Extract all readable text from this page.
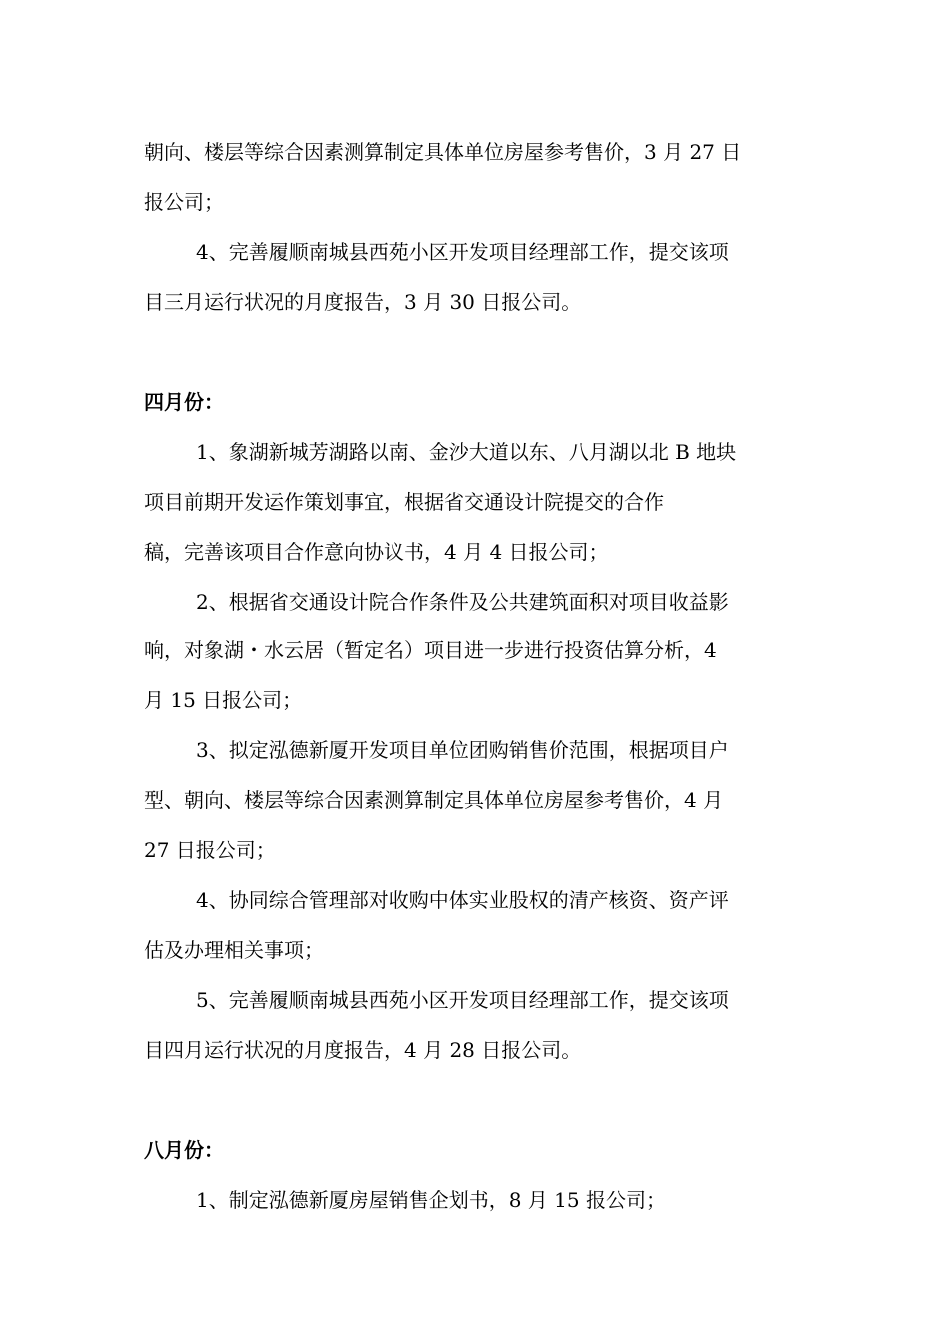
朝向、楼层等综合因素测算制定具体单位房屋参考售价，3 月 27 日
报公司；
4、完善履顺南城县西苑小区开发项目经理部工作，提交该项
目三月运行状况的月度报告，3 月 30 日报公司。
四月份：
1、象湖新城芳湖路以南、金沙大道以东、八月湖以北 B 地块
项目前期开发运作策划事宜，根据省交通设计院提交的合作
稿，完善该项目合作意向协议书，4 月 4 日报公司；
2、根据省交通设计院合作条件及公共建筑面积对项目收益影
响，对象湖・水云居（暂定名）项目进一步进行投资估算分析，4
月 15 日报公司；
3、拟定泓德新厦开发项目单位团购销售价范围，根据项目户
型、朝向、楼层等综合因素测算制定具体单位房屋参考售价，4 月
27 日报公司；
4、协同综合管理部对收购中体实业股权的清产核资、资产评
估及办理相关事项；
5、完善履顺南城县西苑小区开发项目经理部工作，提交该项
目四月运行状况的月度报告，4 月 28 日报公司。
八月份：
1、制定泓德新厦房屋销售企划书，8 月 15 报公司；
